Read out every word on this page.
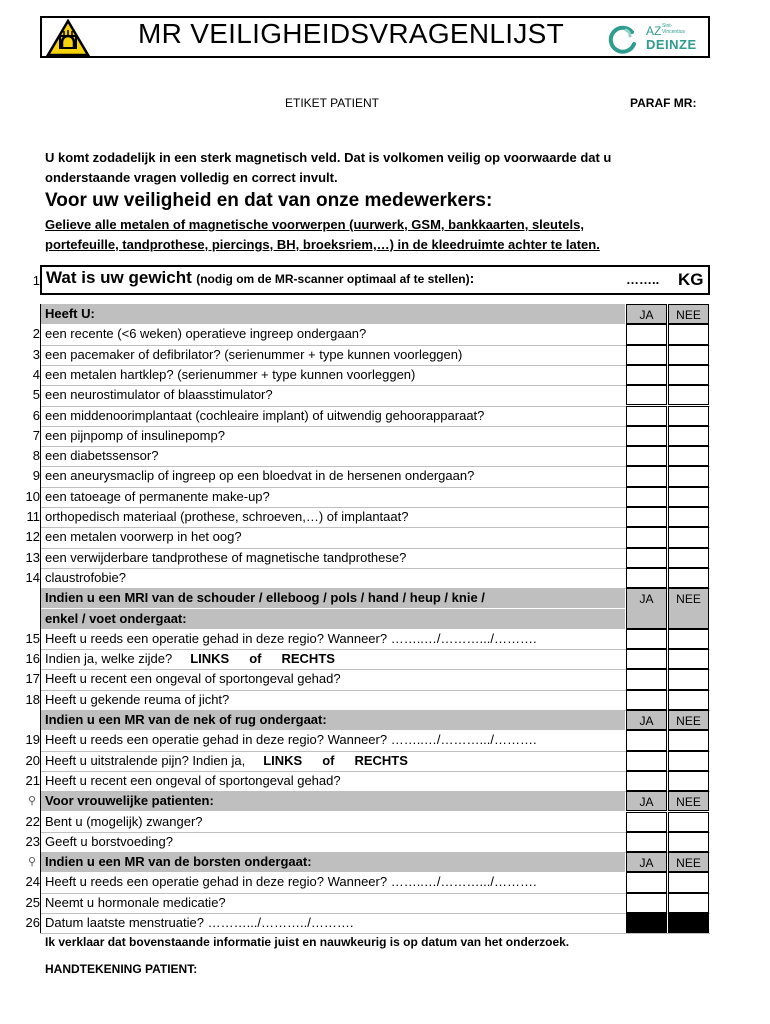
MR VEILIGHEIDSVRAGENLIJST	AZ Sint-
Vincentius
DEINZE
ETIKET PATIENT	PARAF MR:
U komt zodadelijk in een sterk magnetisch veld. Dat is volkomen veilig op voorwaarde dat u
onderstaande vragen volledig en correct invult.
Voor uw veiligheid en dat van onze medewerkers:
Gelieve alle metalen of magnetische voorwerpen (uurwerk, GSM, bankkaarten, sleutels,
portefeuille, tandprothese, piercings, BH, broeksriem,…) in de kleedruimte achter te laten.
1 Wat is uw gewicht (nodig om de MR-scanner optimaal af te stellen):	…….. KG
Heeft U:	JA	NEE
2 een recente (<6 weken) operatieve ingreep ondergaan?
3 een pacemaker of defibrilator? (serienummer + type kunnen voorleggen)
4 een metalen hartklep? (serienummer + type kunnen voorleggen)
5 een neurostimulator of blaasstimulator?
6 een middenoorimplantaat (cochleaire implant) of uitwendig gehoorapparaat?
7 een pijnpomp of insulinepomp?
8 een diabetssensor?
9 een aneurysmaclip of ingreep op een bloedvat in de hersenen ondergaan?
10 een tatoeage of permanente make-up?
11 orthopedisch materiaal (prothese, schroeven,…) of implantaat?
12 een metalen voorwerp in het oog?
13 een verwijderbare tandprothese of magnetische tandprothese?
14 claustrofobie?
Indien u een MRI van de schouder / elleboog / pols / hand / heup / knie /	JA	NEE
enkel / voet ondergaat:
15 Heeft u reeds een operatie gehad in deze regio? Wanneer? ……..…/……….../……….
16 Indien ja, welke zijde? LINKS of RECHTS
17 Heeft u recent een ongeval of sportongeval gehad?
18 Heeft u gekende reuma of jicht?
Indien u een MR van de nek of rug ondergaat:	JA	NEE
19 Heeft u reeds een operatie gehad in deze regio? Wanneer? ……..…/……….../……….
20 Heeft u uitstralende pijn? Indien ja, LINKS of RECHTS
21 Heeft u recent een ongeval of sportongeval gehad?
Voor vrouwelijke patienten:	JA	NEE
⚲
22 Bent u (mogelijk) zwanger?
23 Geeft u borstvoeding?
Indien u een MR van de borsten ondergaat:	JA	NEE
⚲
24 Heeft u reeds een operatie gehad in deze regio? Wanneer? ……..…/……….../……….
25 Neemt u hormonale medicatie?
26 Datum laatste menstruatie? ……….../………../……….
Ik verklaar dat bovenstaande informatie juist en nauwkeurig is op datum van het onderzoek.
HANDTEKENING PATIENT:
